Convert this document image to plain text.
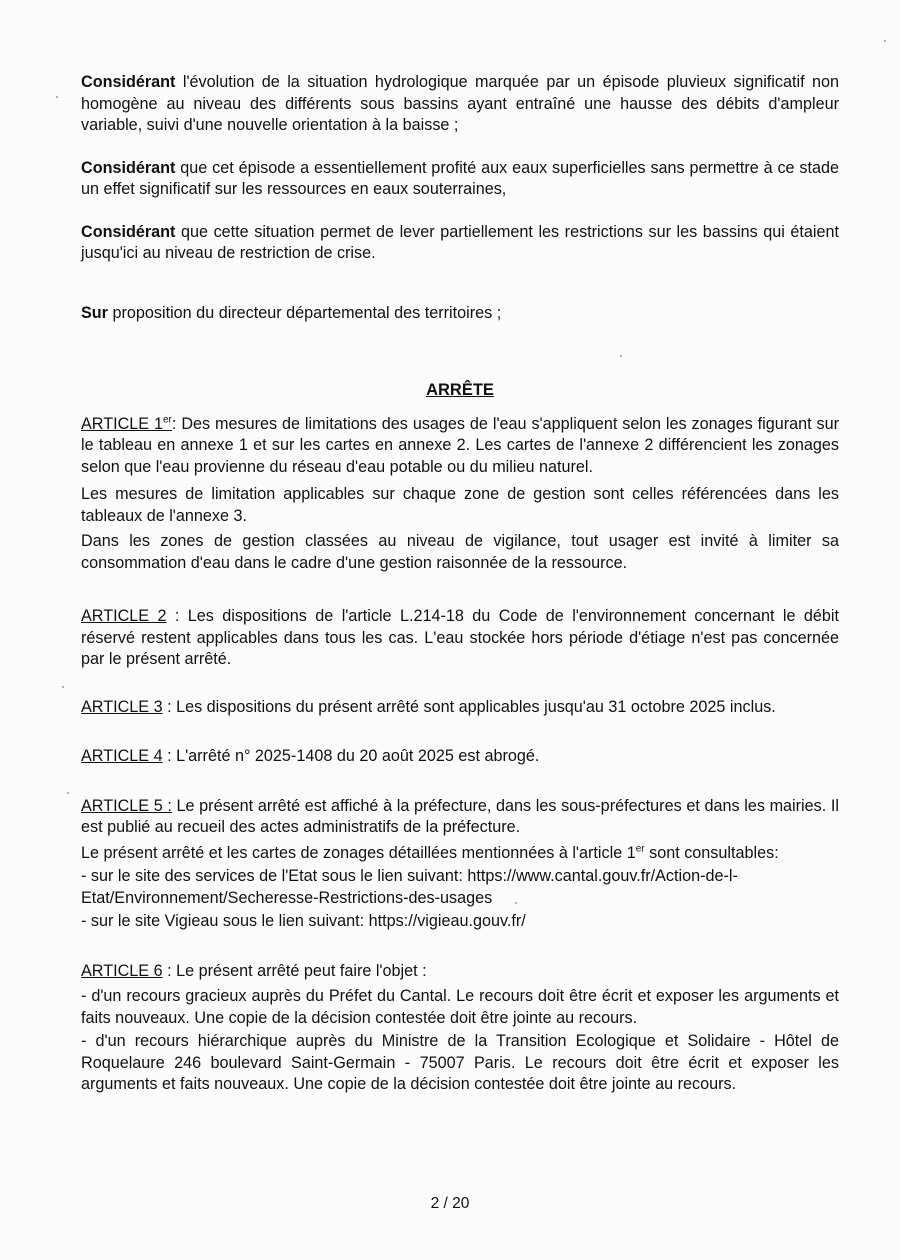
Considérant l'évolution de la situation hydrologique marquée par un épisode pluvieux significatif non homogène au niveau des différents sous bassins ayant entraîné une hausse des débits d'ampleur variable, suivi d'une nouvelle orientation à la baisse ;

Considérant que cet épisode a essentiellement profité aux eaux superficielles sans permettre à ce stade un effet significatif sur les ressources en eaux souterraines,

Considérant que cette situation permet de lever partiellement les restrictions sur les bassins qui étaient jusqu'ici au niveau de restriction de crise.

Sur proposition du directeur départemental des territoires ;

ARRÊTE

ARTICLE 1er: Des mesures de limitations des usages de l'eau s'appliquent selon les zonages figurant sur le tableau en annexe 1 et sur les cartes en annexe 2. Les cartes de l'annexe 2 différencient les zonages selon que l'eau provienne du réseau d'eau potable ou du milieu naturel.

Les mesures de limitation applicables sur chaque zone de gestion sont celles référencées dans les tableaux de l'annexe 3.

Dans les zones de gestion classées au niveau de vigilance, tout usager est invité à limiter sa consommation d'eau dans le cadre d'une gestion raisonnée de la ressource.

ARTICLE 2 : Les dispositions de l'article L.214-18 du Code de l'environnement concernant le débit réservé restent applicables dans tous les cas. L'eau stockée hors période d'étiage n'est pas concernée par le présent arrêté.

ARTICLE 3 : Les dispositions du présent arrêté sont applicables jusqu'au 31 octobre 2025 inclus.

ARTICLE 4 : L'arrêté n° 2025-1408 du 20 août 2025 est abrogé.

ARTICLE 5 : Le présent arrêté est affiché à la préfecture, dans les sous-préfectures et dans les mairies. Il est publié au recueil des actes administratifs de la préfecture.

Le présent arrêté et les cartes de zonages détaillées mentionnées à l'article 1er sont consultables:

- sur le site des services de l'Etat sous le lien suivant: https://www.cantal.gouv.fr/Action-de-l-Etat/Environnement/Secheresse-Restrictions-des-usages

- sur le site Vigieau sous le lien suivant: https://vigieau.gouv.fr/

ARTICLE 6 : Le présent arrêté peut faire l'objet :

- d'un recours gracieux auprès du Préfet du Cantal. Le recours doit être écrit et exposer les arguments et faits nouveaux. Une copie de la décision contestée doit être jointe au recours.

- d'un recours hiérarchique auprès du Ministre de la Transition Ecologique et Solidaire - Hôtel de Roquelaure 246 boulevard Saint-Germain - 75007 Paris. Le recours doit être écrit et exposer les arguments et faits nouveaux. Une copie de la décision contestée doit être jointe au recours.

2 / 20
